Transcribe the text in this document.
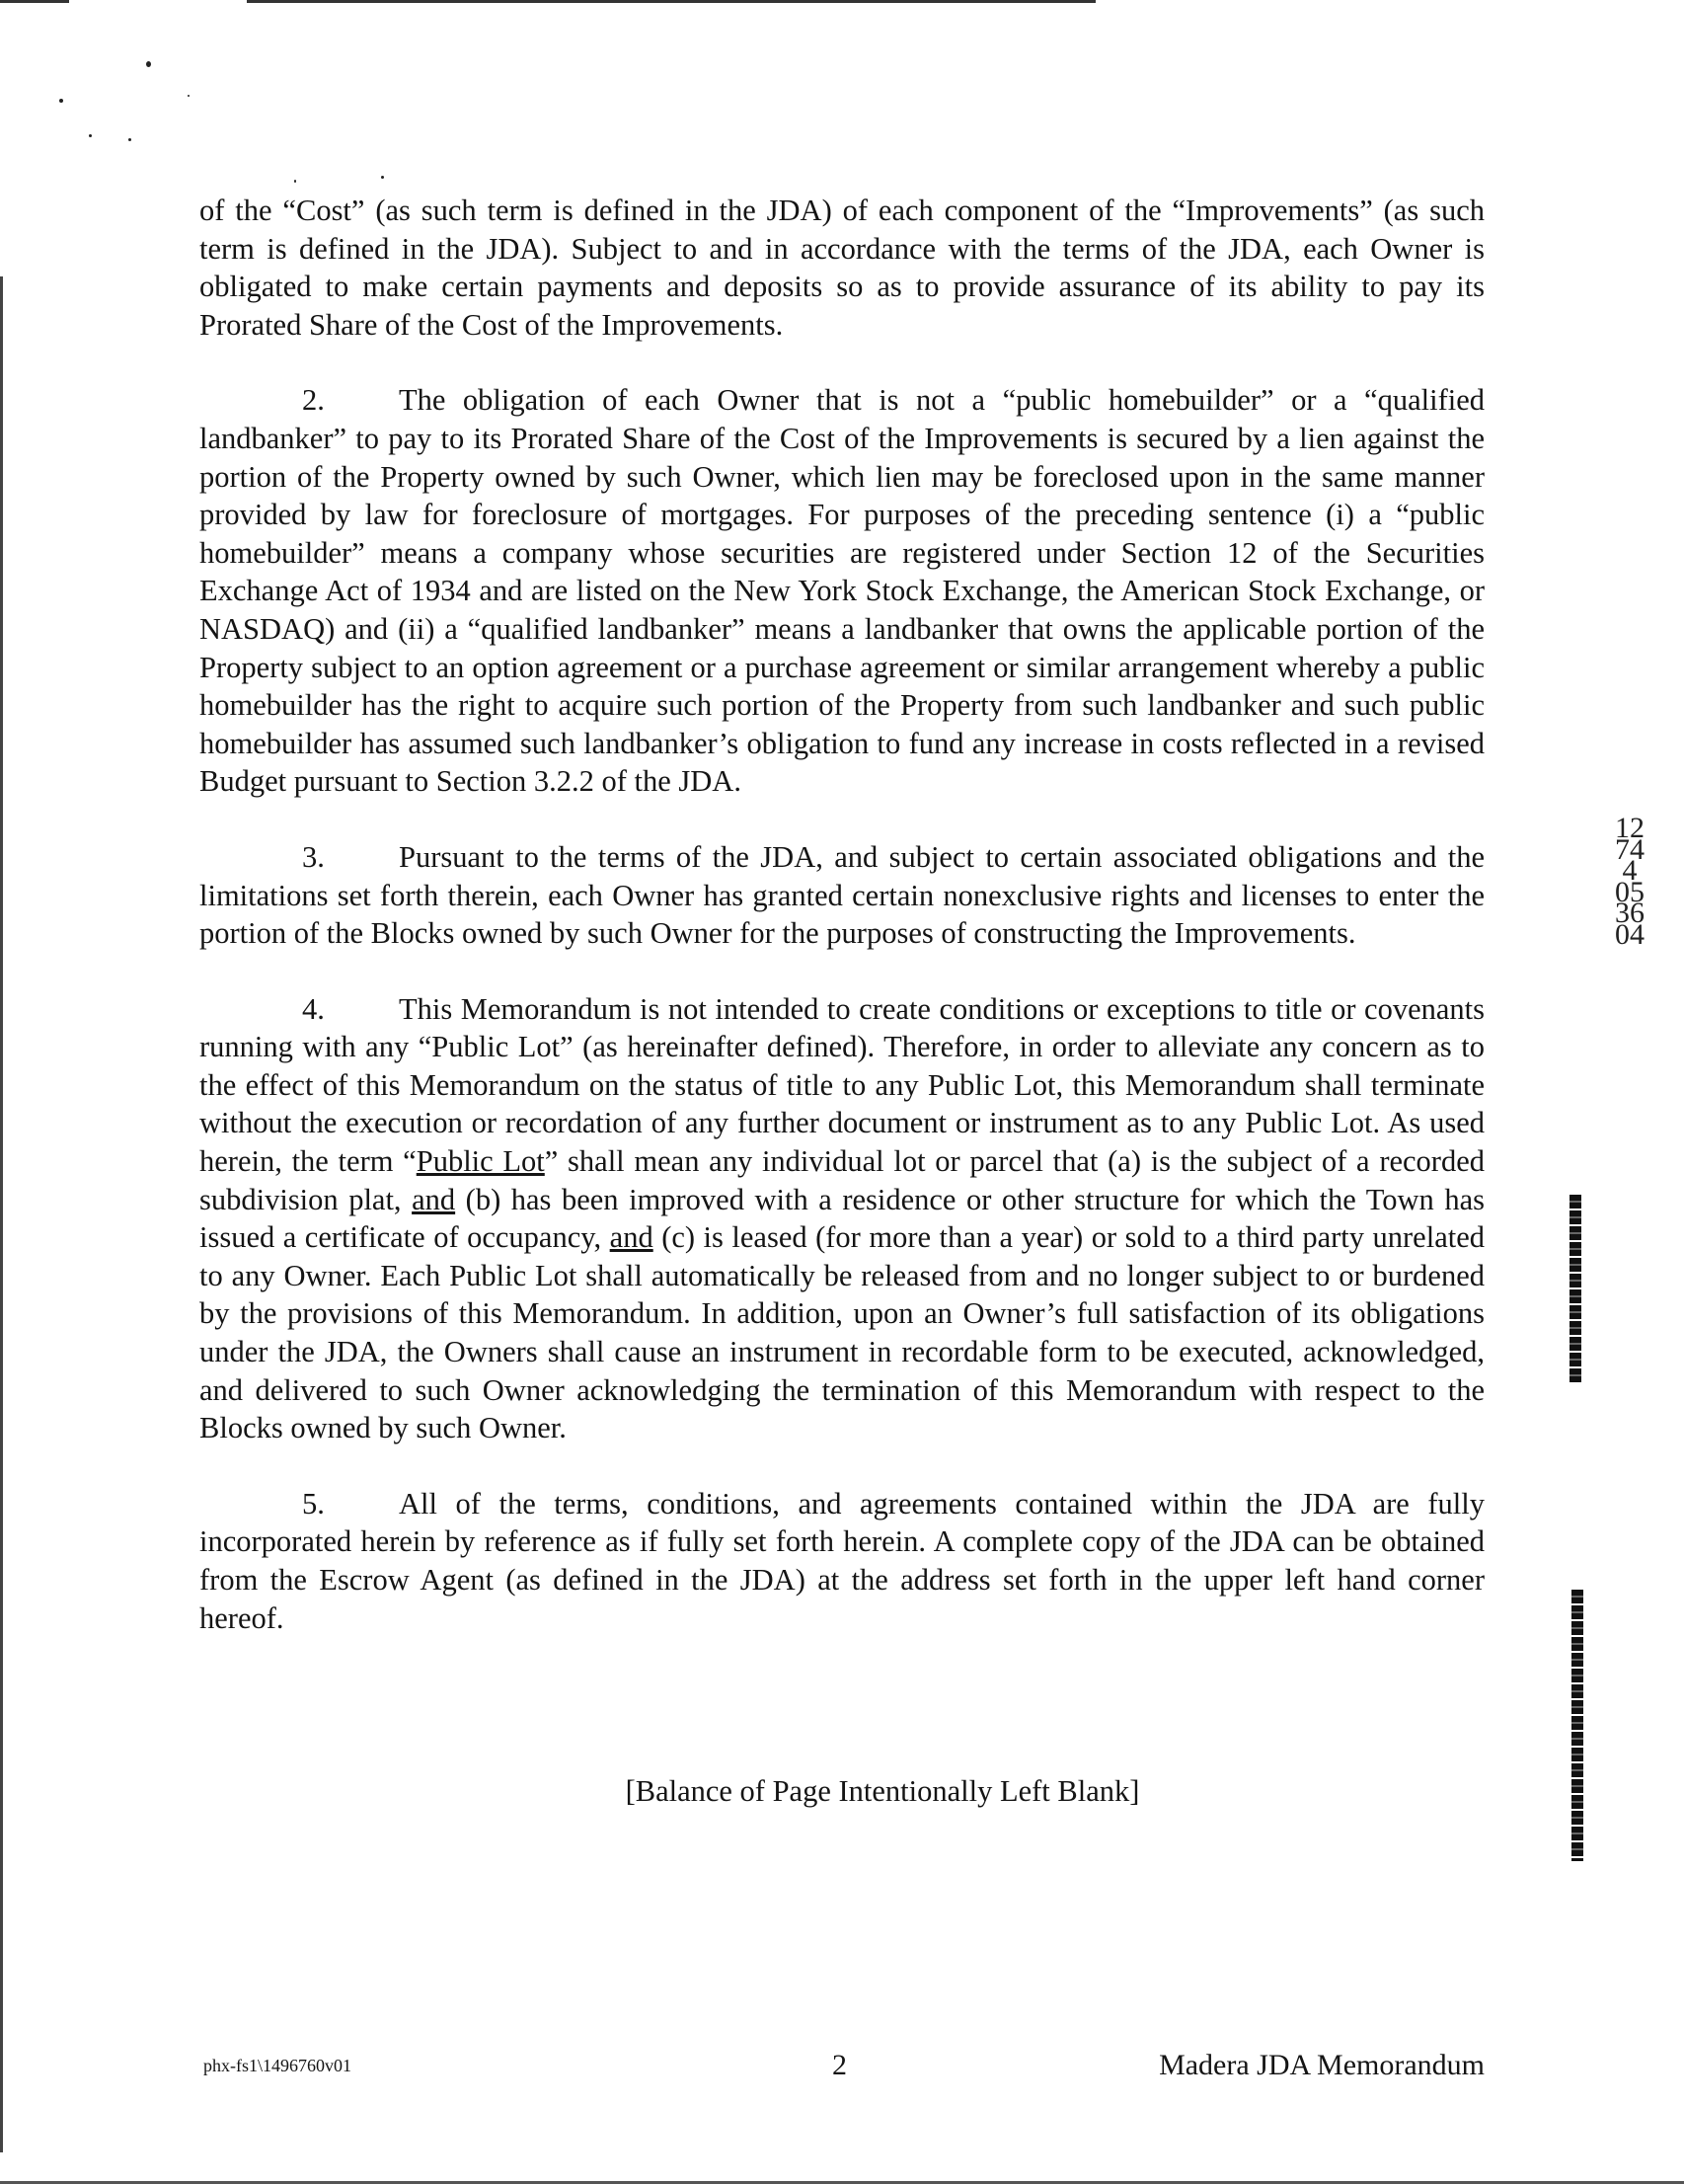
of the “Cost” (as such term is defined in the JDA) of each component of the “Improvements” (as such term is defined in the JDA). Subject to and in accordance with the terms of the JDA, each Owner is obligated to make certain payments and deposits so as to provide assurance of its ability to pay its Prorated Share of the Cost of the Improvements.

2. The obligation of each Owner that is not a “public homebuilder” or a “qualified landbanker” to pay to its Prorated Share of the Cost of the Improvements is secured by a lien against the portion of the Property owned by such Owner, which lien may be foreclosed upon in the same manner provided by law for foreclosure of mortgages. For purposes of the preceding sentence (i) a “public homebuilder” means a company whose securities are registered under Section 12 of the Securities Exchange Act of 1934 and are listed on the New York Stock Exchange, the American Stock Exchange, or NASDAQ) and (ii) a “qualified landbanker” means a landbanker that owns the applicable portion of the Property subject to an option agreement or a purchase agreement or similar arrangement whereby a public homebuilder has the right to acquire such portion of the Property from such landbanker and such public homebuilder has assumed such landbanker’s obligation to fund any increase in costs reflected in a revised Budget pursuant to Section 3.2.2 of the JDA.

3. Pursuant to the terms of the JDA, and subject to certain associated obligations and the limitations set forth therein, each Owner has granted certain nonexclusive rights and licenses to enter the portion of the Blocks owned by such Owner for the purposes of constructing the Improvements.

4. This Memorandum is not intended to create conditions or exceptions to title or covenants running with any “Public Lot” (as hereinafter defined). Therefore, in order to alleviate any concern as to the effect of this Memorandum on the status of title to any Public Lot, this Memorandum shall terminate without the execution or recordation of any further document or instrument as to any Public Lot. As used herein, the term “Public Lot” shall mean any individual lot or parcel that (a) is the subject of a recorded subdivision plat, and (b) has been improved with a residence or other structure for which the Town has issued a certificate of occupancy, and (c) is leased (for more than a year) or sold to a third party unrelated to any Owner. Each Public Lot shall automatically be released from and no longer subject to or burdened by the provisions of this Memorandum. In addition, upon an Owner’s full satisfaction of its obligations under the JDA, the Owners shall cause an instrument in recordable form to be executed, acknowledged, and delivered to such Owner acknowledging the termination of this Memorandum with respect to the Blocks owned by such Owner.

5. All of the terms, conditions, and agreements contained within the JDA are fully incorporated herein by reference as if fully set forth herein. A complete copy of the JDA can be obtained from the Escrow Agent (as defined in the JDA) at the address set forth in the upper left hand corner hereof.

[Balance of Page Intentionally Left Blank]
phx-fs1\1496760v01	2	Madera JDA Memorandum
12744 053604
